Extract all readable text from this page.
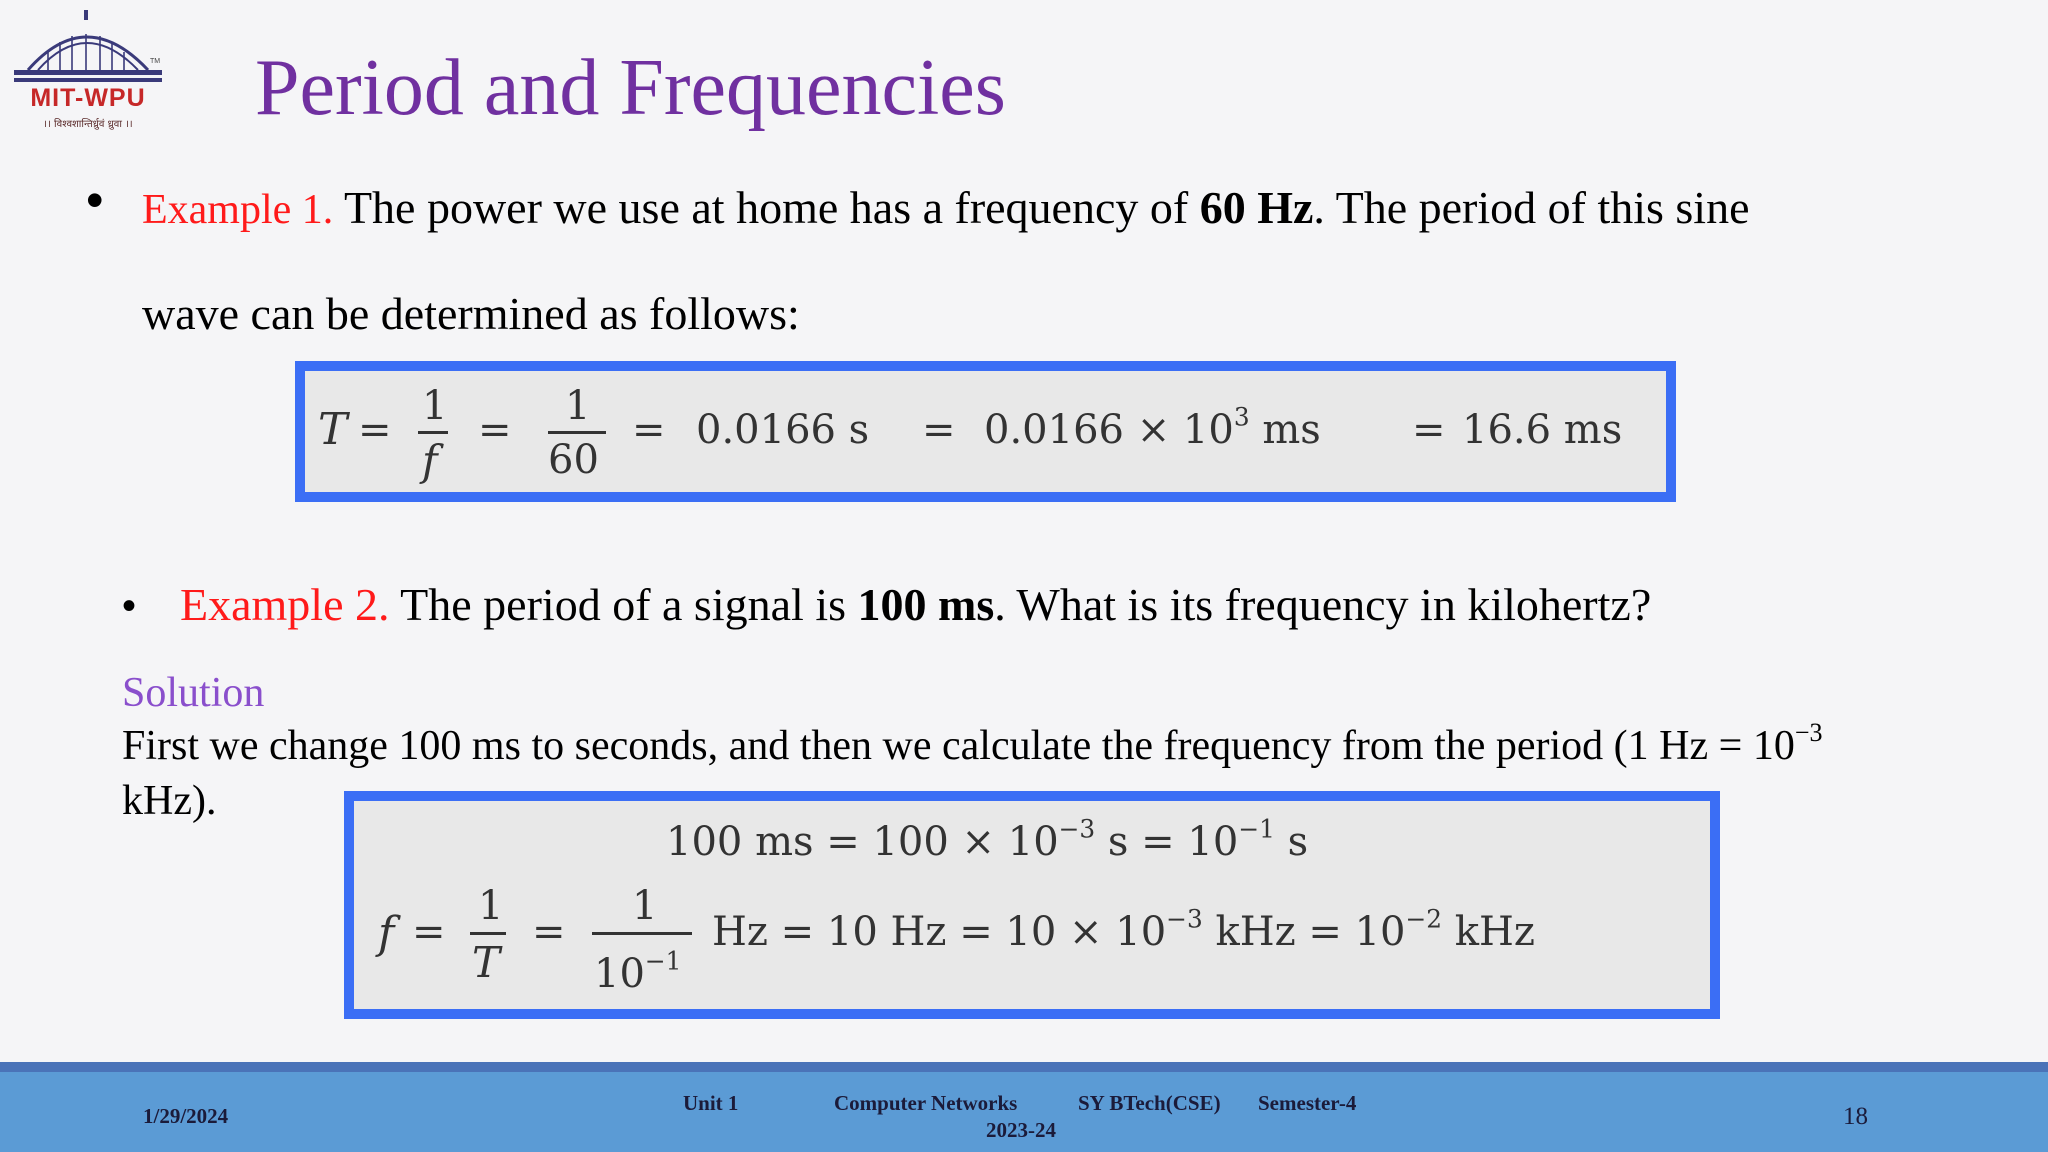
TM
MIT-WPU
।। विश्वशान्तिर्ध्रुवं ध्रुवा ।।	Period and Frequencies
• Example 1. The power we use at home has a frequency of 60 Hz. The period of this sine
wave can be determined as follows:
T =
1
f
=
1
60
= 0.0166 $s = 0.0166 \times 10^3$ ms = 16.6 ms
• Example 2. The period of a signal is 100 ms. What is its frequency in kilohertz?
Solution
First we change 100 ms to seconds, and then we calculate the frequency from the period (1 $Hz = 10^{-3}$
kHz).
100 ms = $100 \times 10^{-3}$ $s = 10^{-1}$ s
f =
1
T
=
1
$10^{-1}$
Hz = 10 $Hz = 10 \times 10^{-3}$ kHz = $10^{-2}$ kHz
1/29/2024
Unit 1	Computer Networks	SY BTech(CSE) Semester-4
2023-24	18
